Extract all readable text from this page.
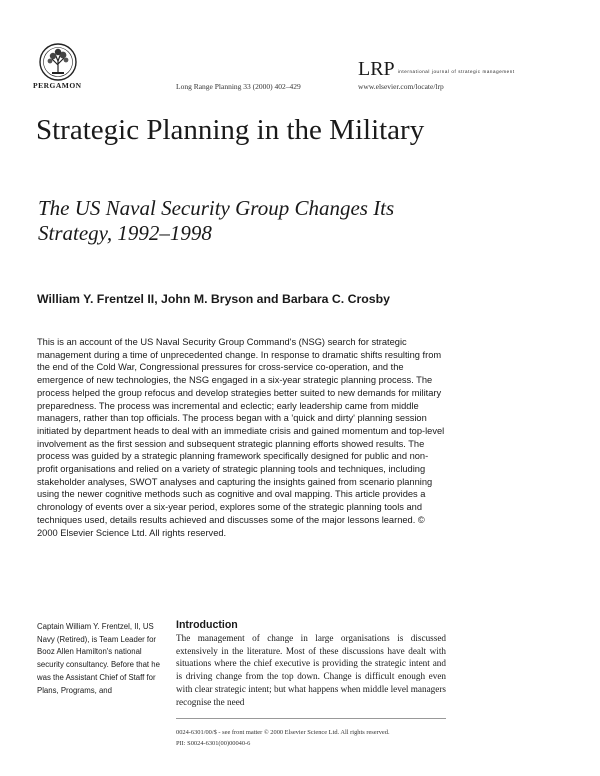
PERGAMON	Long Range Planning 33 (2000) 402–429
LRP international journal of strategic management
www.elsevier.com/locate/lrp
Strategic Planning in the Military
The US Naval Security Group Changes Its Strategy, 1992–1998
William Y. Frentzel II, John M. Bryson and Barbara C. Crosby

This is an account of the US Naval Security Group Command's (NSG) search for strategic management during a time of unprecedented change. In response to dramatic shifts resulting from the end of the Cold War, Congressional pressures for cross-service co-operation, and the emergence of new technologies, the NSG engaged in a six-year strategic planning process. The process helped the group refocus and develop strategies better suited to new demands for military preparedness. The process was incremental and eclectic; early leadership came from middle managers, rather than top officials. The process began with a 'quick and dirty' planning session initiated by department heads to deal with an immediate crisis and gained momentum and top-level involvement as the first session and subsequent strategic planning efforts showed results. The process was guided by a strategic planning framework specifically designed for public and non-profit organisations and relied on a variety of strategic planning tools and techniques, including stakeholder analyses, SWOT analyses and capturing the insights gained from scenario planning using the newer cognitive methods such as cognitive and oval mapping. This article provides a chronology of events over a six-year period, explores some of the strategic planning tools and techniques used, details results achieved and discusses some of the major lessons learned. © 2000 Elsevier Science Ltd. All rights reserved.

Captain William Y. Frentzel, II, US Navy (Retired), is Team Leader for Booz Allen Hamilton's national security consultancy. Before that he was the Assistant Chief of Staff for Plans, Programs, and

Introduction

The management of change in large organisations is discussed extensively in the literature. Most of these discussions have dealt with situations where the chief executive is providing the strategic intent and is driving change from the top down. Change is difficult enough even with clear strategic intent; but what happens when middle level managers recognise the need

0024-6301/00/$ - see front matter © 2000 Elsevier Science Ltd. All rights reserved.
PII: S0024-6301(00)00040-6
